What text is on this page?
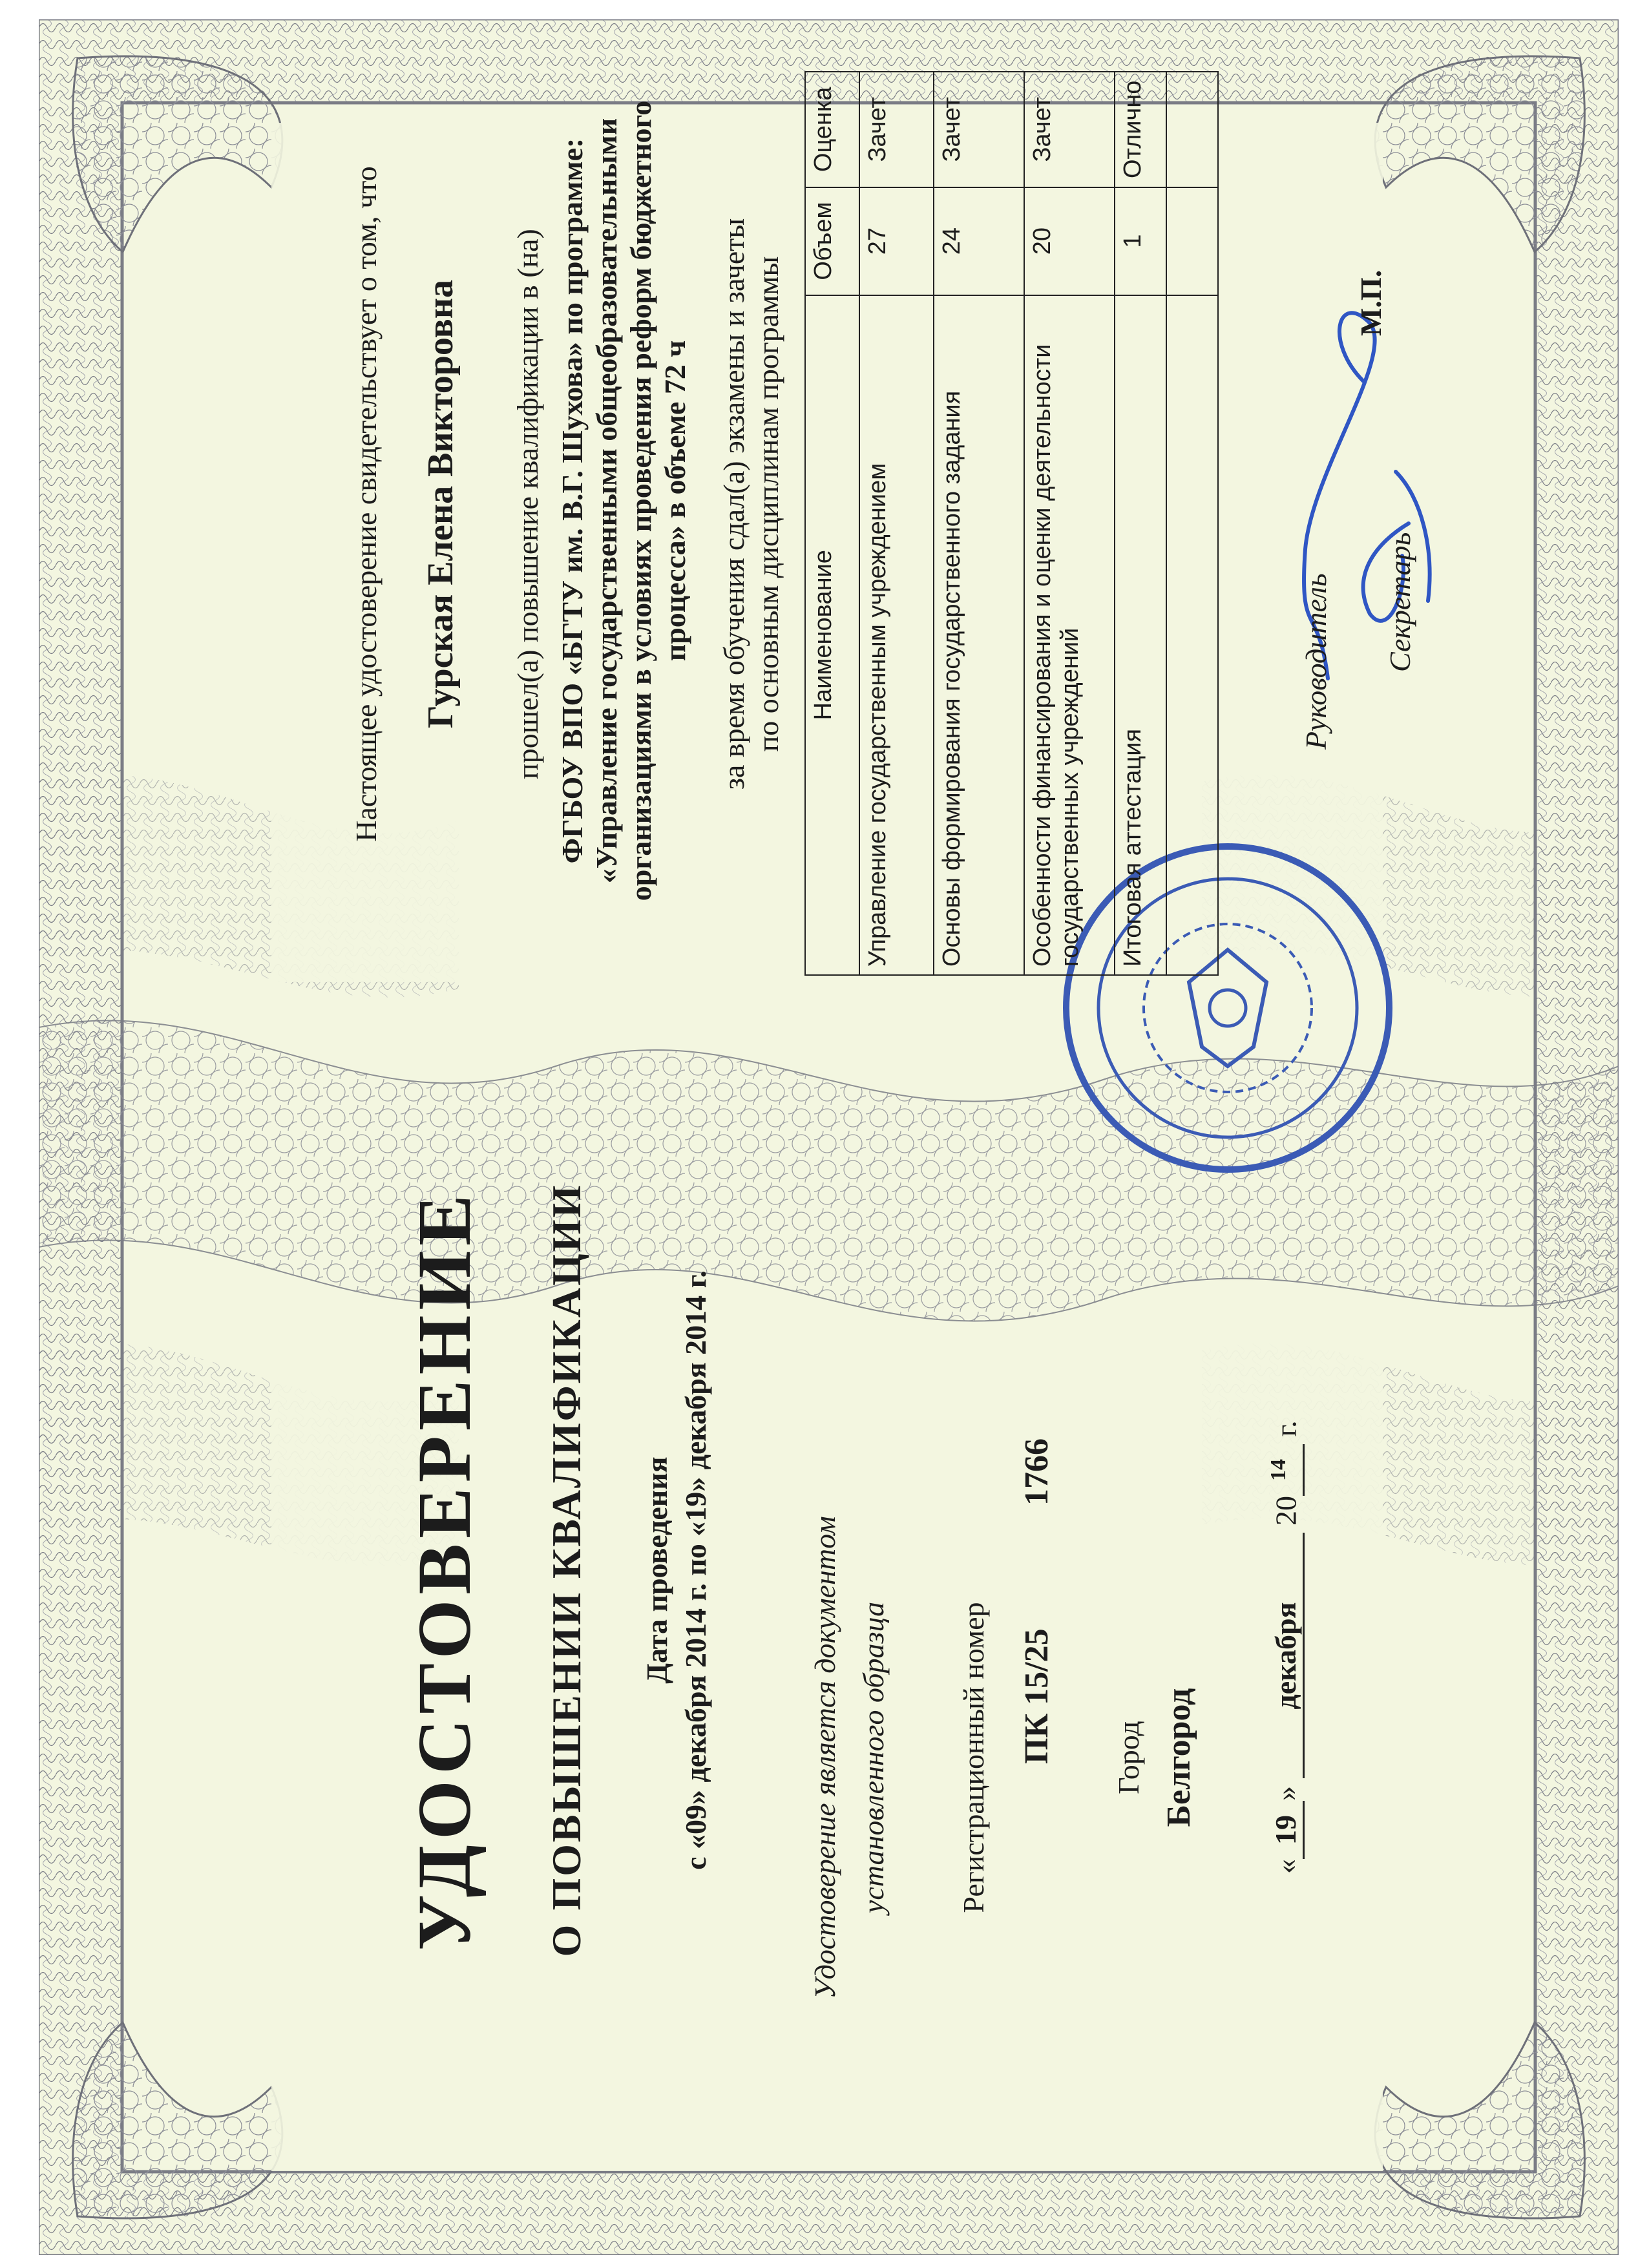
УДОСТОВЕРЕНИЕ О ПОВЫШЕНИИ КВАЛИФИКАЦИИ Дата проведения с «09» декабря 2014 г. по «19» декабря 2014 г.	Удостоверение является документом установленного образца Регистрационный номер ПК 15/25
1766
Город Белгород
«19» декабря $20^{14}$ г.
Настоящее удостоверение свидетельствует о том, что Гурская Елена Викторовна прошел(а) повышение квалификации в (на) ФГБОУ ВПО «БГТУ им. В.Г. Шухова» по программе: «Управление государственными общеобразовательными организациями в условиях проведения реформ бюджетного процесса» в объеме 72 ч за время обучения сдал(а) экзамены и зачеты по основным дисциплинам программы Наименование	Объем	Оценка
Управление государственным учреждением	27	Зачет
Основы формирования государственного задания	24	Зачет
Особенности финансирования и оценки деятельности государственных учреждений	20	Зачет
Итоговая аттестация	1	Отлично

Руководитель Секретарь
М.П.
